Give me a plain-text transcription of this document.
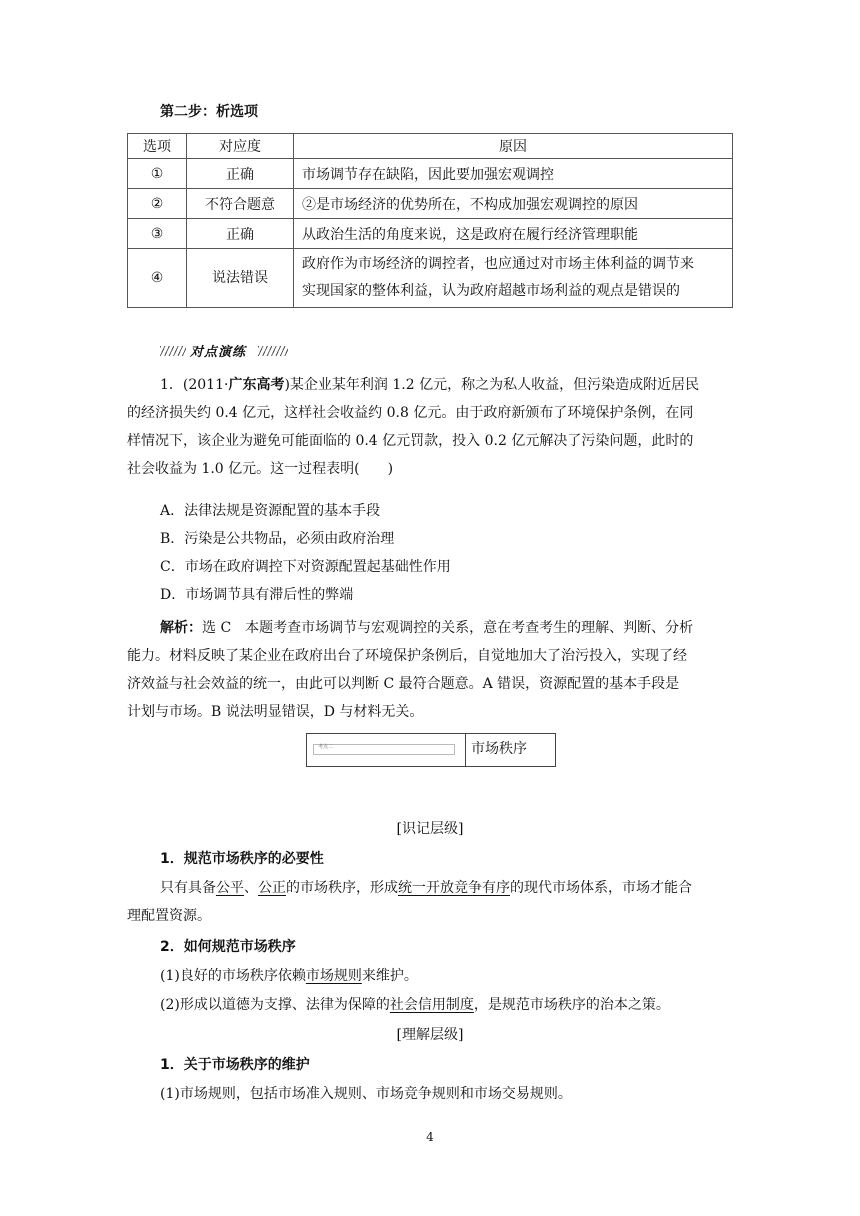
第二步：析选项
选项	对应度	原因
①	正确	市场调节存在缺陷，因此要加强宏观调控
②	不符合题意	②是市场经济的优势所在，不构成加强宏观调控的原因
③	正确	从政治生活的角度来说，这是政府在履行经济管理职能
④	说法错误	政府作为市场经济的调控者，也应通过对市场主体利益的调节来
实现国家的整体利益，认为政府超越市场利益的观点是错误的
对点演练
1．(2011·广东高考)某企业某年利润 1.2 亿元，称之为私人收益，但污染造成附近居民
的经济损失约 0.4 亿元，这样社会收益约 0.8 亿元。由于政府新颁布了环境保护条例，在同
样情况下，该企业为避免可能面临的 0.4 亿元罚款，投入 0.2 亿元解决了污染问题，此时的
社会收益为 1.0 亿元。这一过程表明(　　)
A．法律法规是资源配置的基本手段
B．污染是公共物品，必须由政府治理
C．市场在政府调控下对资源配置起基础性作用
D．市场调节具有滞后性的弊端
解析：选 C　本题考查市场调节与宏观调控的关系，意在考查考生的理解、判断、分析
能力。材料反映了某企业在政府出台了环境保护条例后，自觉地加大了治污投入，实现了经
济效益与社会效益的统一，由此可以判断 C 最符合题意。A 错误，资源配置的基本手段是
计划与市场。B 说法明显错误，D 与材料无关。
考点二	市场秩序
[识记层级]
1．规范市场秩序的必要性
只有具备公平、公正的市场秩序，形成统一开放竞争有序的现代市场体系，市场才能合
理配置资源。
2．如何规范市场秩序
(1)良好的市场秩序依赖市场规则来维护。
(2)形成以道德为支撑、法律为保障的社会信用制度，是规范市场秩序的治本之策。
[理解层级]
1．关于市场秩序的维护
(1)市场规则，包括市场准入规则、市场竞争规则和市场交易规则。
4
